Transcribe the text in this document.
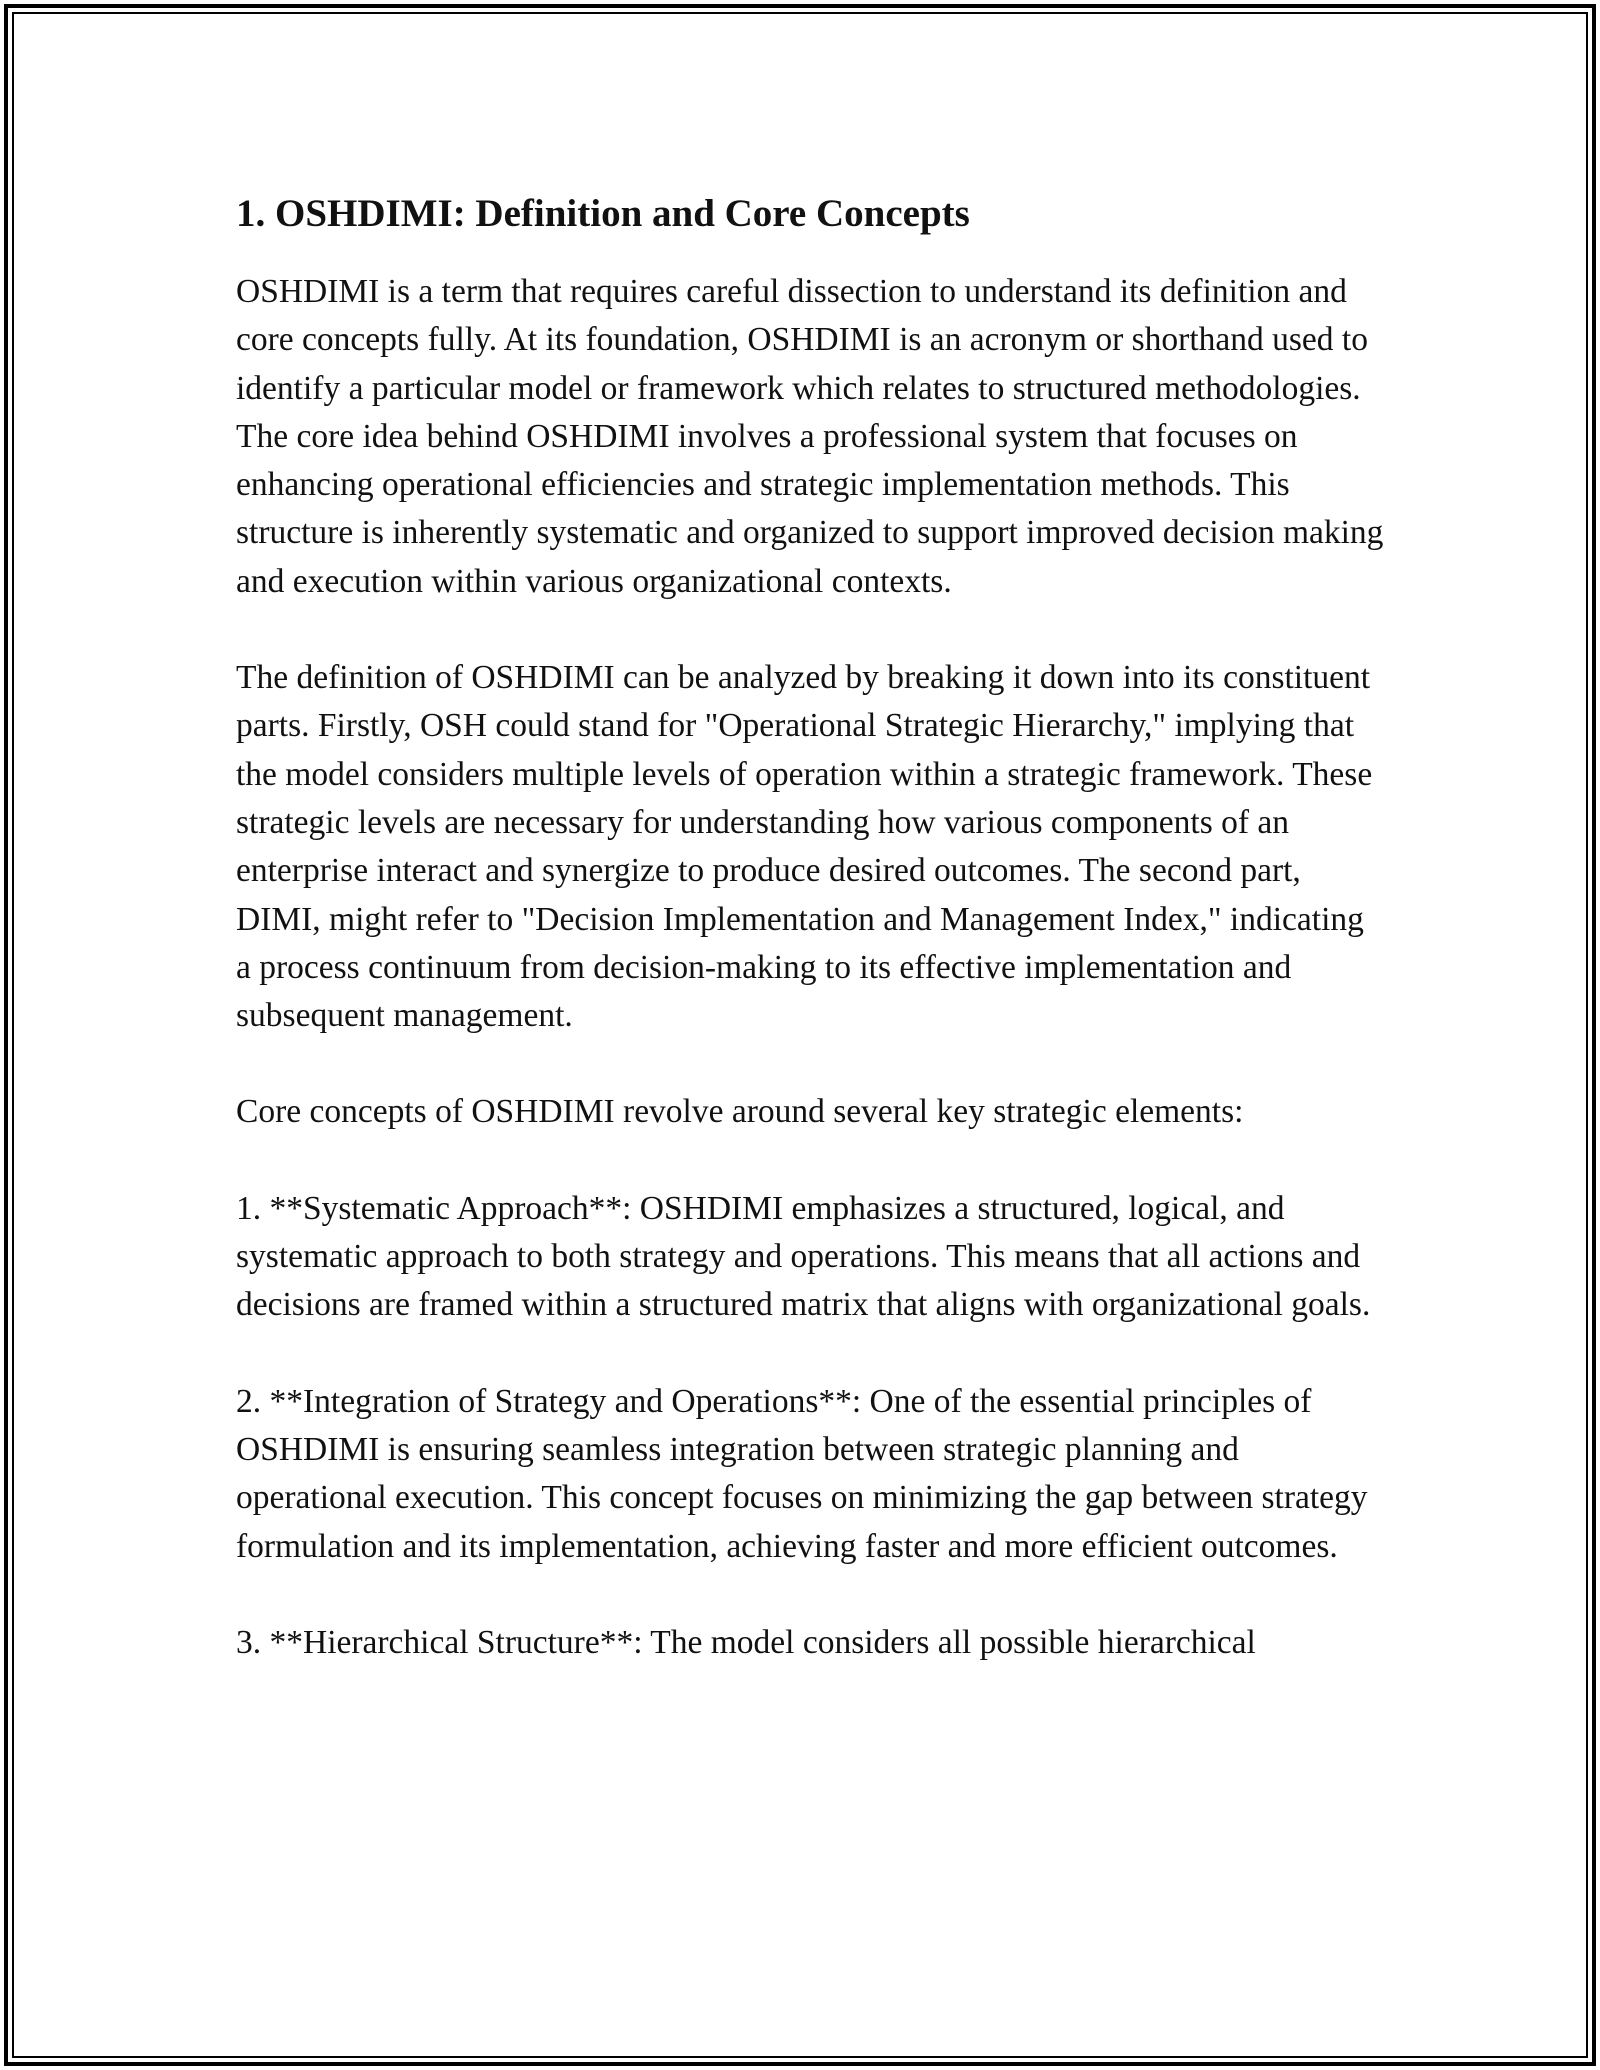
1. OSHDIMI: Definition and Core Concepts

OSHDIMI is a term that requires careful dissection to understand its definition and core concepts fully. At its foundation, OSHDIMI is an acronym or shorthand used to identify a particular model or framework which relates to structured methodologies. The core idea behind OSHDIMI involves a professional system that focuses on enhancing operational efficiencies and strategic implementation methods. This structure is inherently systematic and organized to support improved decision making and execution within various organizational contexts.

The definition of OSHDIMI can be analyzed by breaking it down into its constituent parts. Firstly, OSH could stand for "Operational Strategic Hierarchy," implying that the model considers multiple levels of operation within a strategic framework. These strategic levels are necessary for understanding how various components of an enterprise interact and synergize to produce desired outcomes. The second part, DIMI, might refer to "Decision Implementation and Management Index," indicating a process continuum from decision-making to its effective implementation and subsequent management.

Core concepts of OSHDIMI revolve around several key strategic elements:

1. **Systematic Approach**: OSHDIMI emphasizes a structured, logical, and systematic approach to both strategy and operations. This means that all actions and decisions are framed within a structured matrix that aligns with organizational goals.

2. **Integration of Strategy and Operations**: One of the essential principles of OSHDIMI is ensuring seamless integration between strategic planning and operational execution. This concept focuses on minimizing the gap between strategy formulation and its implementation, achieving faster and more efficient outcomes.

3. **Hierarchical Structure**: The model considers all possible hierarchical
